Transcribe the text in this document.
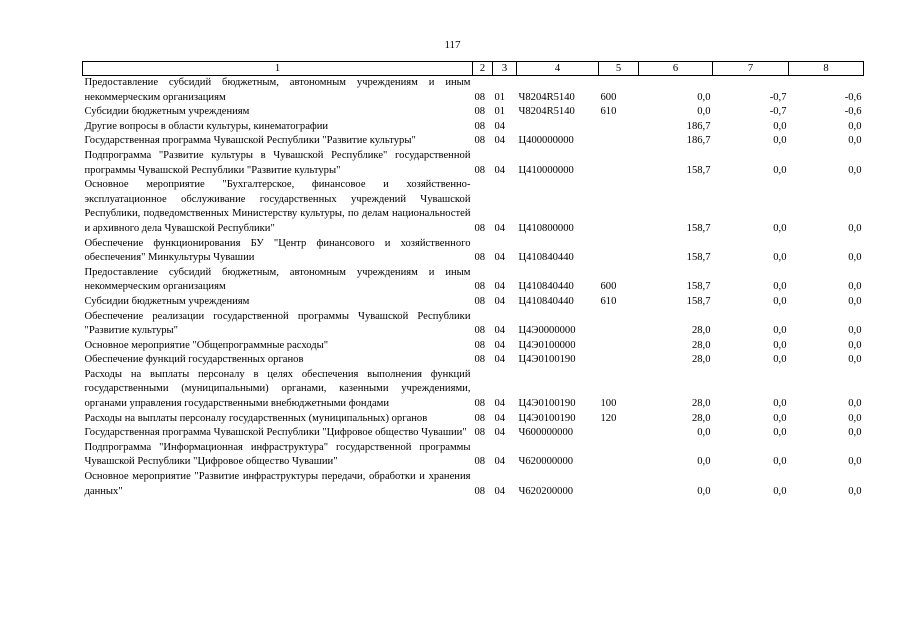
117
1	2	3	4	5	6	7	8
Предоставление субсидий бюджетным, автономным учреждениям и иным некоммерческим организациям	08	01	Ч8204R5140	600	0,0	-0,7	-0,6
Субсидии бюджетным учреждениям	08	01	Ч8204R5140	610	0,0	-0,7	-0,6
Другие вопросы в области культуры, кинематографии	08	04			186,7	0,0	0,0
Государственная программа Чувашской Республики "Развитие культуры"	08	04	Ц400000000		186,7	0,0	0,0
Подпрограмма "Развитие культуры в Чувашской Республике" государственной программы Чувашской Республики "Развитие культуры"	08	04	Ц410000000		158,7	0,0	0,0
Основное мероприятие "Бухгалтерское, финансовое и хозяйственно-эксплуатационное обслуживание государственных учреждений Чувашской Республики, подведомственных Министерству культуры, по делам национальностей и архивного дела Чувашской Республики"	08	04	Ц410800000		158,7	0,0	0,0
Обеспечение функционирования БУ "Центр финансового и хозяйственного обеспечения" Минкультуры Чувашии	08	04	Ц410840440		158,7	0,0	0,0
Предоставление субсидий бюджетным, автономным учреждениям и иным некоммерческим организациям	08	04	Ц410840440	600	158,7	0,0	0,0
Субсидии бюджетным учреждениям	08	04	Ц410840440	610	158,7	0,0	0,0
Обеспечение реализации государственной программы Чувашской Республики "Развитие культуры"	08	04	Ц4Э0000000		28,0	0,0	0,0
Основное мероприятие "Общепрограммные расходы"	08	04	Ц4Э0100000		28,0	0,0	0,0
Обеспечение функций государственных органов	08	04	Ц4Э0100190		28,0	0,0	0,0
Расходы на выплаты персоналу в целях обеспечения выполнения функций государственными (муниципальными) органами, казенными учреждениями, органами управления государственными внебюджетными фондами	08	04	Ц4Э0100190	100	28,0	0,0	0,0
Расходы на выплаты персоналу государственных (муниципальных) органов	08	04	Ц4Э0100190	120	28,0	0,0	0,0
Государственная программа Чувашской Республики "Цифровое общество Чувашии"	08	04	Ч600000000		0,0	0,0	0,0
Подпрограмма "Информационная инфраструктура" государственной программы Чувашской Республики "Цифровое общество Чувашии"	08	04	Ч620000000		0,0	0,0	0,0
Основное мероприятие "Развитие инфраструктуры передачи, обработки и хранения данных"	08	04	Ч620200000		0,0	0,0	0,0
